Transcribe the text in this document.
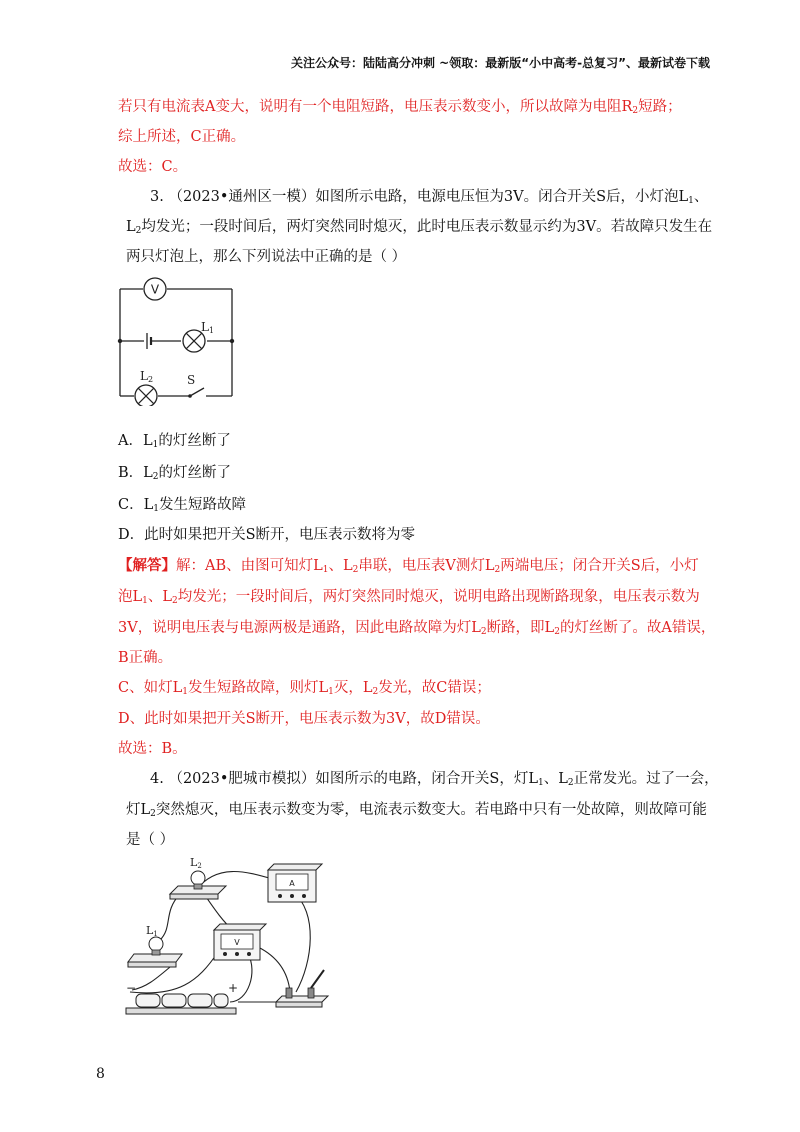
关注公众号：陆陆高分冲刺 ~领取：最新版“小中高考-总复习”、最新试卷下载
若只有电流表A变大，说明有一个电阻短路，电压表示数变小，所以故障为电阻$R_2$短路；
综上所述，C正确。
故选：C。
3. （2023•通州区一模）如图所示电路，电源电压恒为3V。闭合开关S后，小灯泡$L_1$、
$L_2$均发光；一段时间后，两灯突然同时熄灭，此时电压表示数显示约为3V。若故障只发生在
两只灯泡上，那么下列说法中正确的是（ ）
V
L1
L2	S
A．$L_1$的灯丝断了
B．$L_2$的灯丝断了
C．$L_1$发生短路故障
D．此时如果把开关S断开，电压表示数将为零
【解答】解：AB、由图可知灯$L_1$、$L_2$串联，电压表V测灯$L_2$两端电压；闭合开关S后，小灯
泡$L_1$、$L_2$均发光；一段时间后，两灯突然同时熄灭，说明电路出现断路现象，电压表示数为
3V，说明电压表与电源两极是通路，因此电路故障为灯$L_2$断路，即$L_2$的灯丝断了。故A错误，
B正确。
C、如灯$L_1$发生短路故障，则灯$L_1$灭，$L_2$发光，故C错误；
D、此时如果把开关S断开，电压表示数为3V，故D错误。
故选：B。
4. （2023•肥城市模拟）如图所示的电路，闭合开关S，灯$L_1$、$L_2$正常发光。过了一会，
灯$L_2$突然熄灭，电压表示数变为零，电流表示数变大。若电路中只有一处故障，则故障可能
是（ ）
L2
A
L1
V
−	+
8
